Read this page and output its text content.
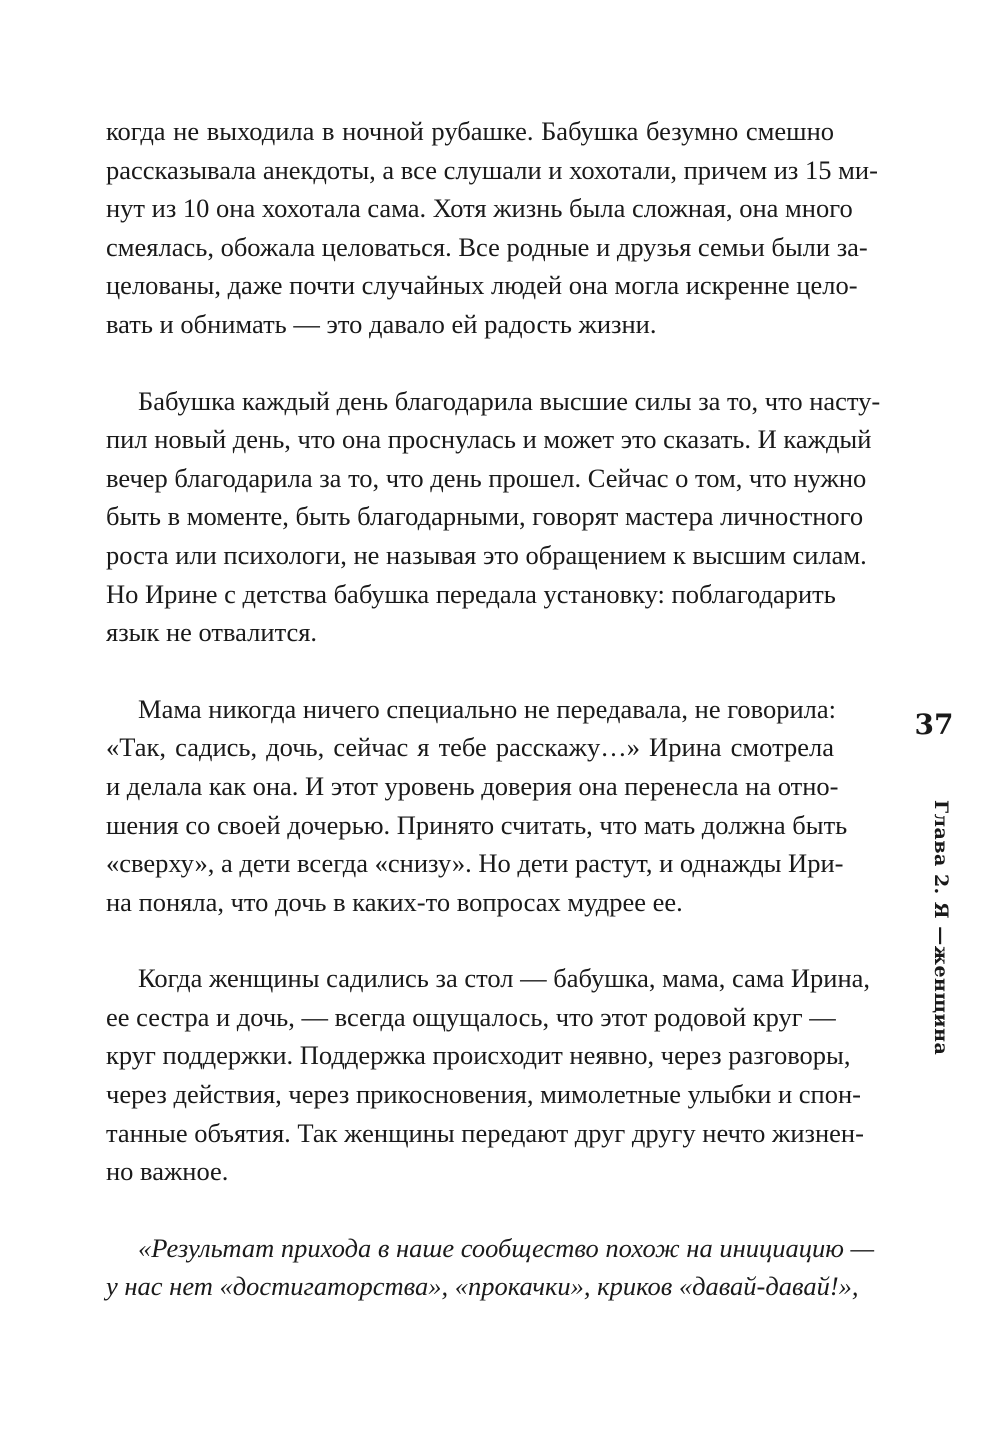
когда не выходила в ночной рубашке. Бабушка безумно смешно
рассказывала анекдоты, а все слушали и хохотали, причем из 15 ми-
нут из 10 она хохотала сама. Хотя жизнь была сложная, она много
смеялась, обожала целоваться. Все родные и друзья семьи были за-
цeлованы, даже почти случайных людей она могла искренне цело-
вать и обнимать — это давало ей радость жизни.

Бабушка каждый день благодарила высшие силы за то, что насту-
пил новый день, что она проснулась и может это сказать. И каждый
вечер благодарила за то, что день прошел. Сейчас о том, что нужно
быть в моменте, быть благодарными, говорят мастера личностного
роста или психологи, не называя это обращением к высшим силам.
Но Ирине с детства бабушка передала установку: поблагодарить
язык не отвалится.

Мама никогда ничего специально не передавала, не говорила:
«Так, садись, дочь, сейчас я тебе расскажу…» Ирина смотрела
и делала как она. И этот уровень доверия она перенесла на отно-
шения со своей дочерью. Принято считать, что мать должна быть
«сверху», а дети всегда «снизу». Но дети растут, и однажды Ири-
на поняла, что дочь в каких-то вопросах мудрее ее.

Когда женщины садились за стол — бабушка, мама, сама Ирина,
ее сестра и дочь, — всегда ощущалось, что этот родовой круг —
круг поддержки. Поддержка происходит неявно, через разговоры,
через действия, через прикосновения, мимолетные улыбки и спон-
танные объятия. Так женщины передают друг другу нечто жизнен-
но важное.

«Результат прихода в наше сообщество похож на инициацию —
у нас нет «достигаторства», «прокачки», криков «давай-давай!»,

37
Глава 2. Я —женщина
